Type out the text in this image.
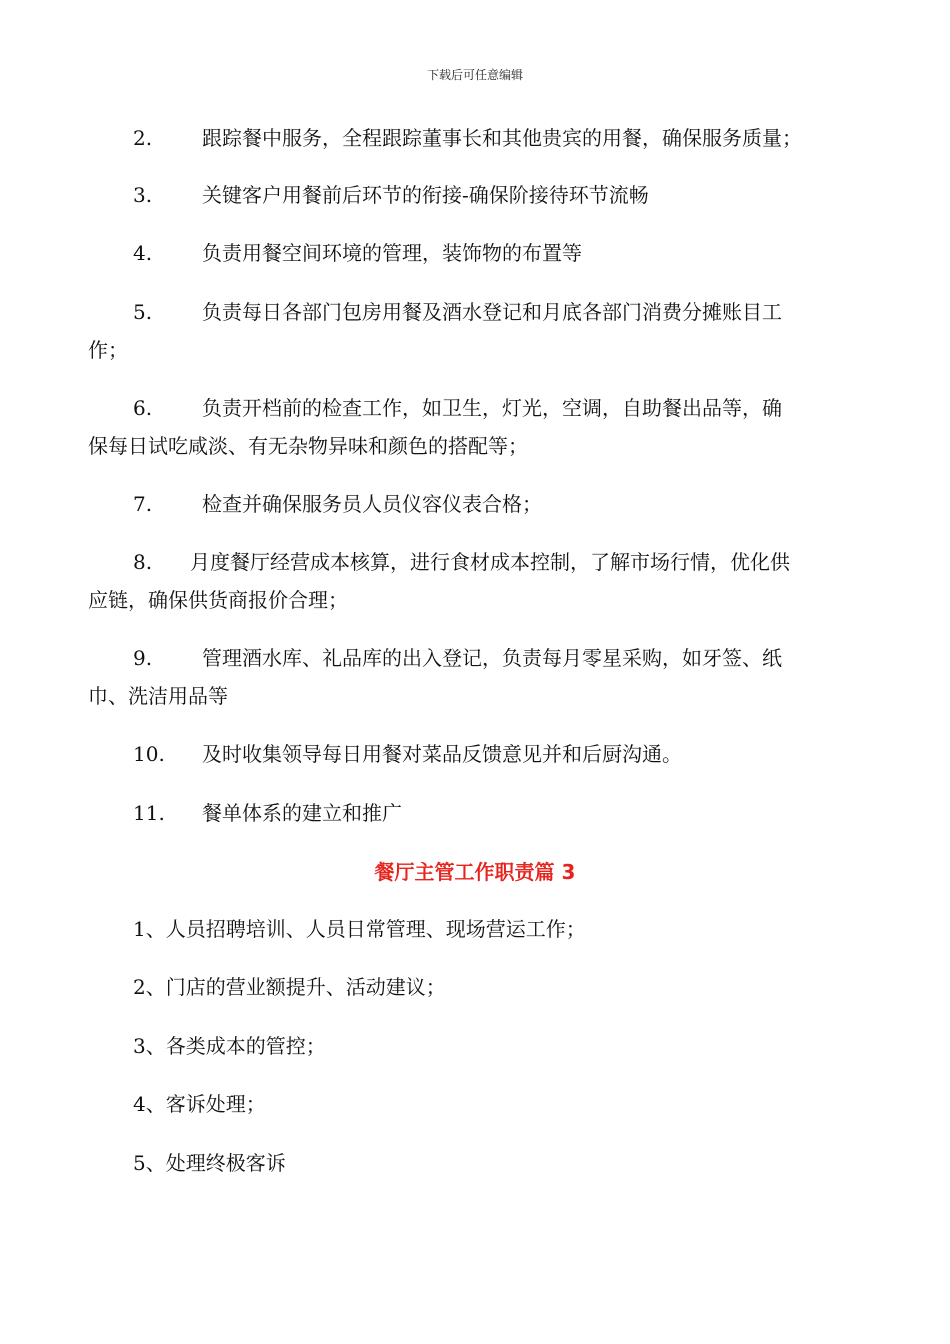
下载后可任意编辑
2. 跟踪餐中服务，全程跟踪董事长和其他贵宾的用餐，确保服务质量；
3. 关键客户用餐前后环节的衔接-确保阶接待环节流畅
4. 负责用餐空间环境的管理，装饰物的布置等
5. 负责每日各部门包房用餐及酒水登记和月底各部门消费分摊账目工
作；
6. 负责开档前的检查工作，如卫生，灯光，空调，自助餐出品等，确
保每日试吃咸淡、有无杂物异味和颜色的搭配等；
7. 检查并确保服务员人员仪容仪表合格；
8. 月度餐厅经营成本核算，进行食材成本控制，了解市场行情，优化供
应链，确保供货商报价合理；
9. 管理酒水库、礼品库的出入登记，负责每月零星采购，如牙签、纸
巾、洗洁用品等
10. 及时收集领导每日用餐对菜品反馈意见并和后厨沟通。
11. 餐单体系的建立和推广
餐厅主管工作职责篇 3
1、人员招聘培训、人员日常管理、现场营运工作；
2、门店的营业额提升、活动建议；
3、各类成本的管控；
4、客诉处理；
5、处理终极客诉
